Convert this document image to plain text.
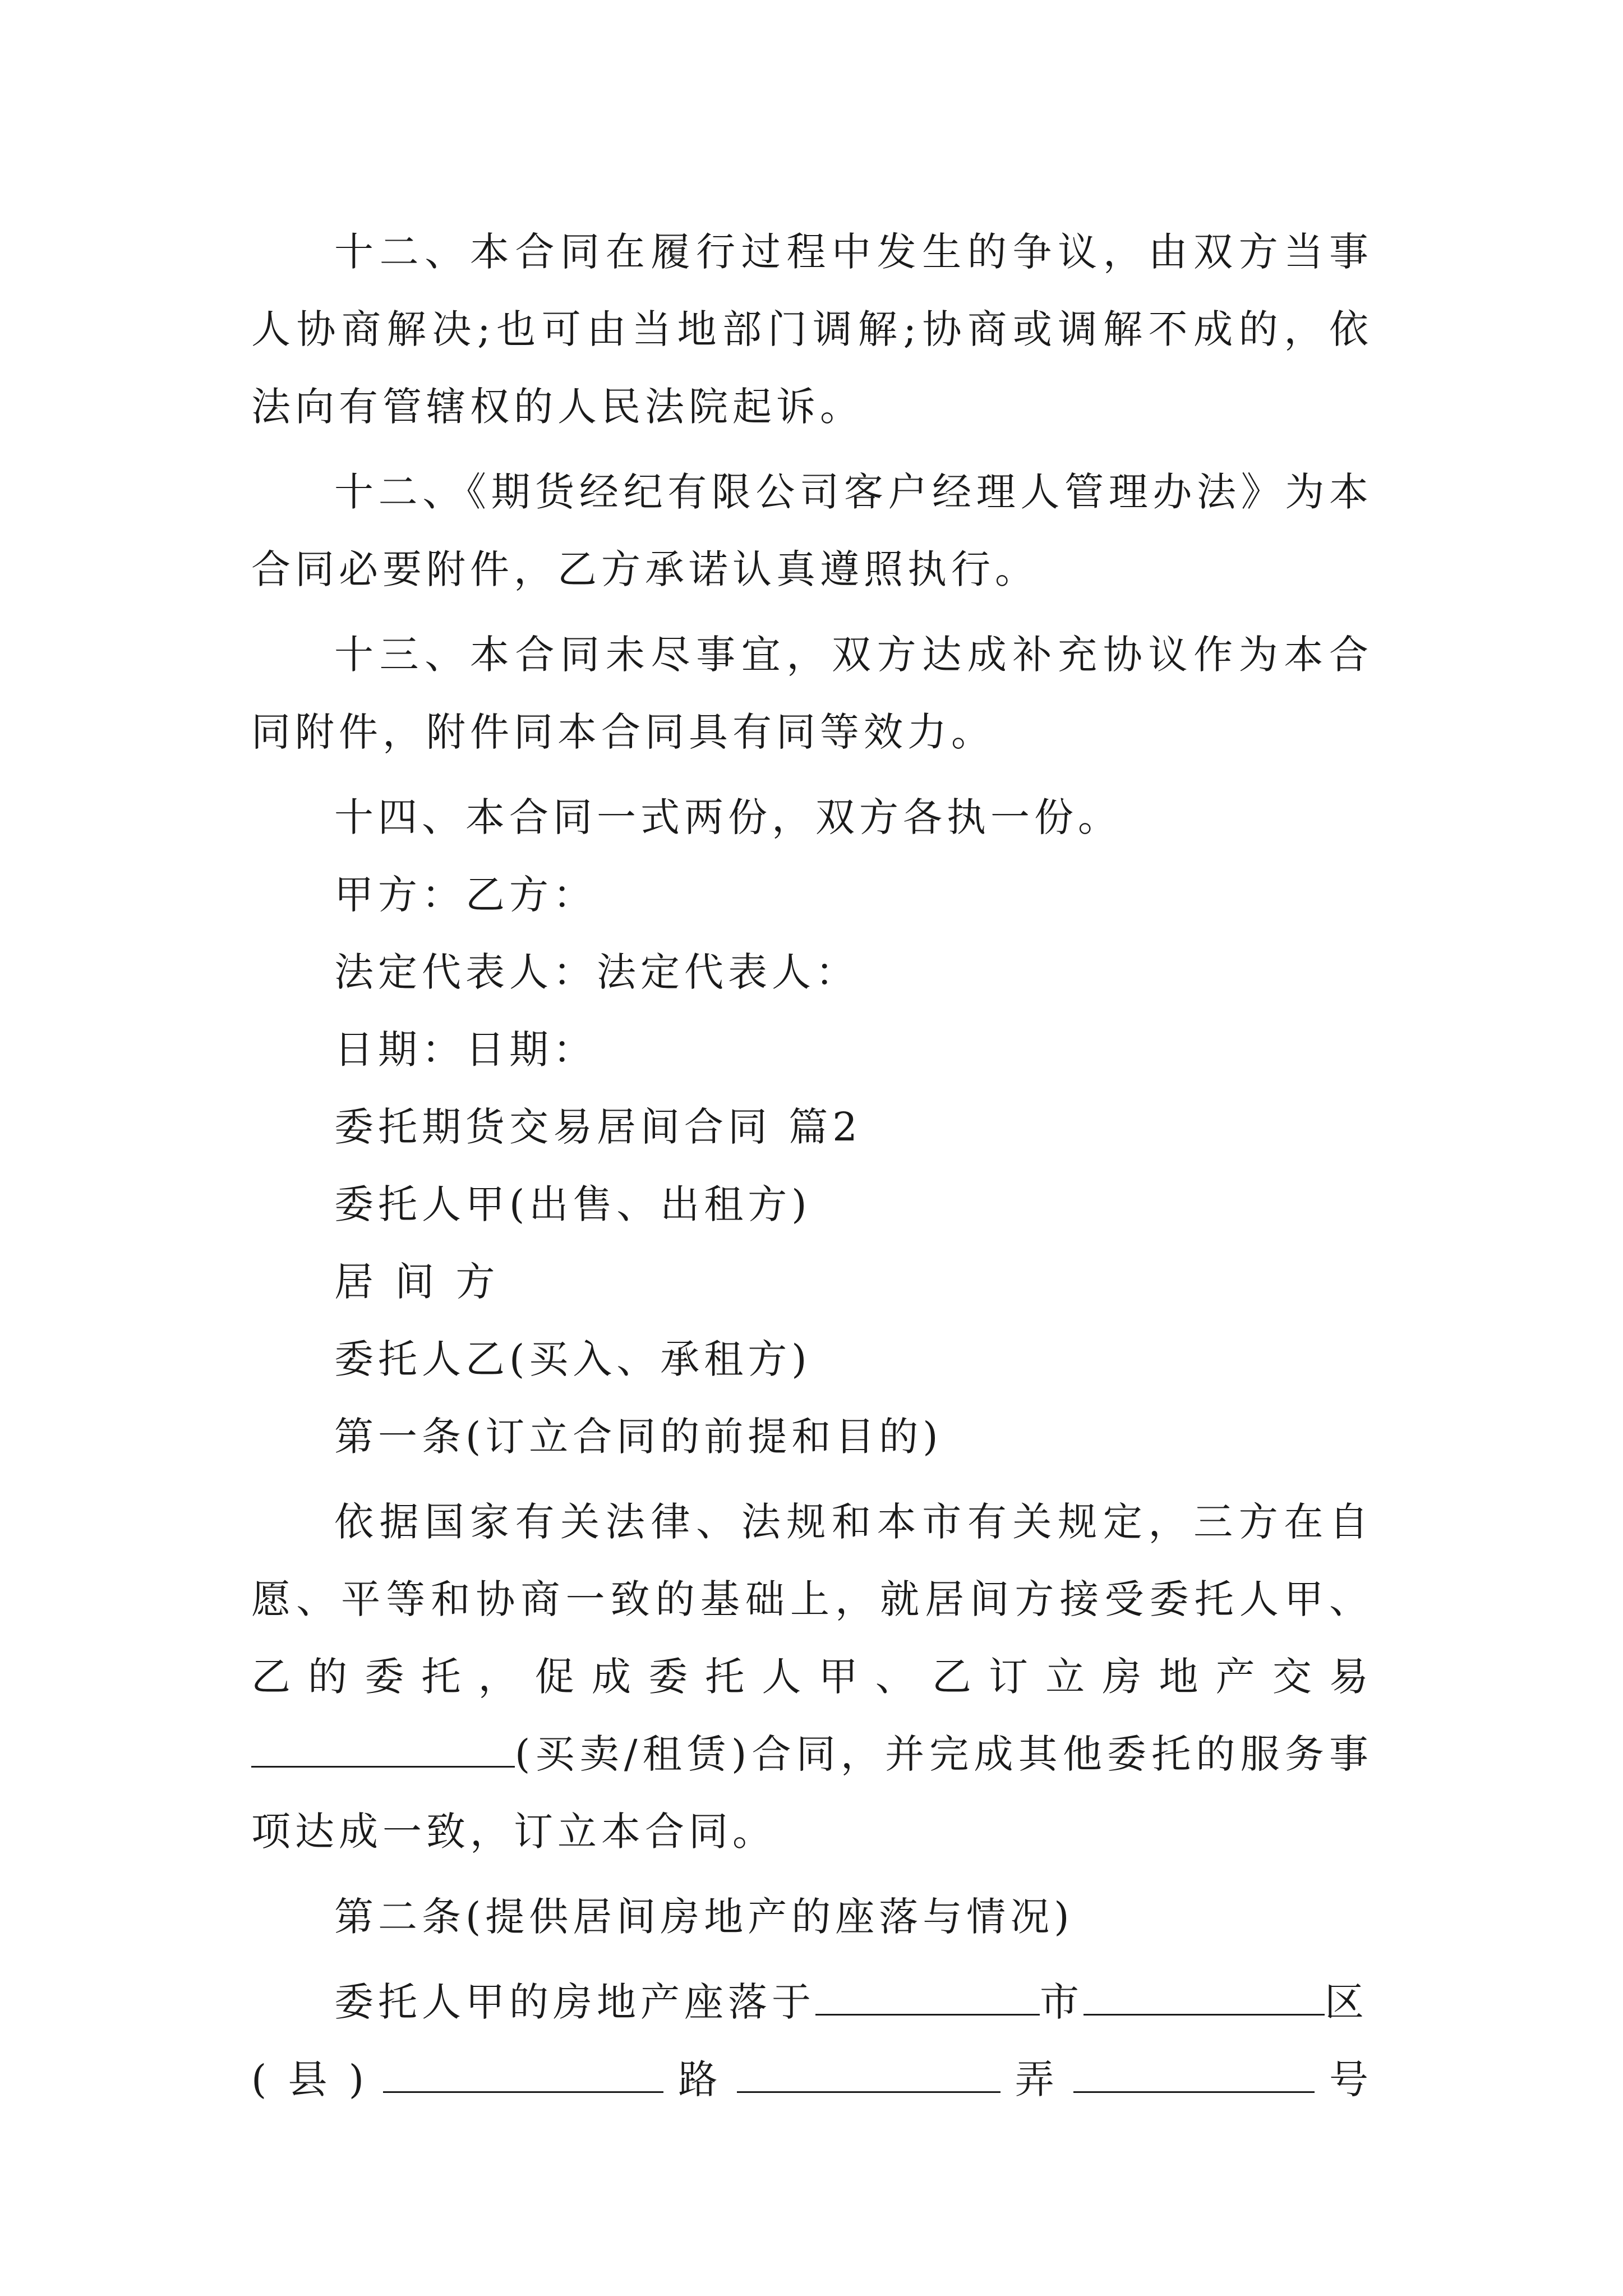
十二、本合同在履行过程中发生的争议，由双方当事人协商解决;也可由当地部门调解;协商或调解不成的，依法向有管辖权的人民法院起诉。

十二、《期货经纪有限公司客户经理人管理办法》为本合同必要附件，乙方承诺认真遵照执行。

十三、本合同未尽事宜，双方达成补充协议作为本合同附件，附件同本合同具有同等效力。

十四、本合同一式两份，双方各执一份。

甲方：乙方：

法定代表人：法定代表人：

日期：日期：

委托期货交易居间合同 篇2

委托人甲(出售、出租方)

居 间 方

委托人乙(买入、承租方)

第一条(订立合同的前提和目的)

依据国家有关法律、法规和本市有关规定，三方在自愿、平等和协商一致的基础上，就居间方接受委托人甲、乙的委托，促成委托人甲、乙订立房地产交易 (买卖/租赁)合同，并完成其他委托的服务事项达成一致，订立本合同。

第二条(提供居间房地产的座落与情况)

委托人甲的房地产座落于	市	区

( 县 )	路	弄	号
